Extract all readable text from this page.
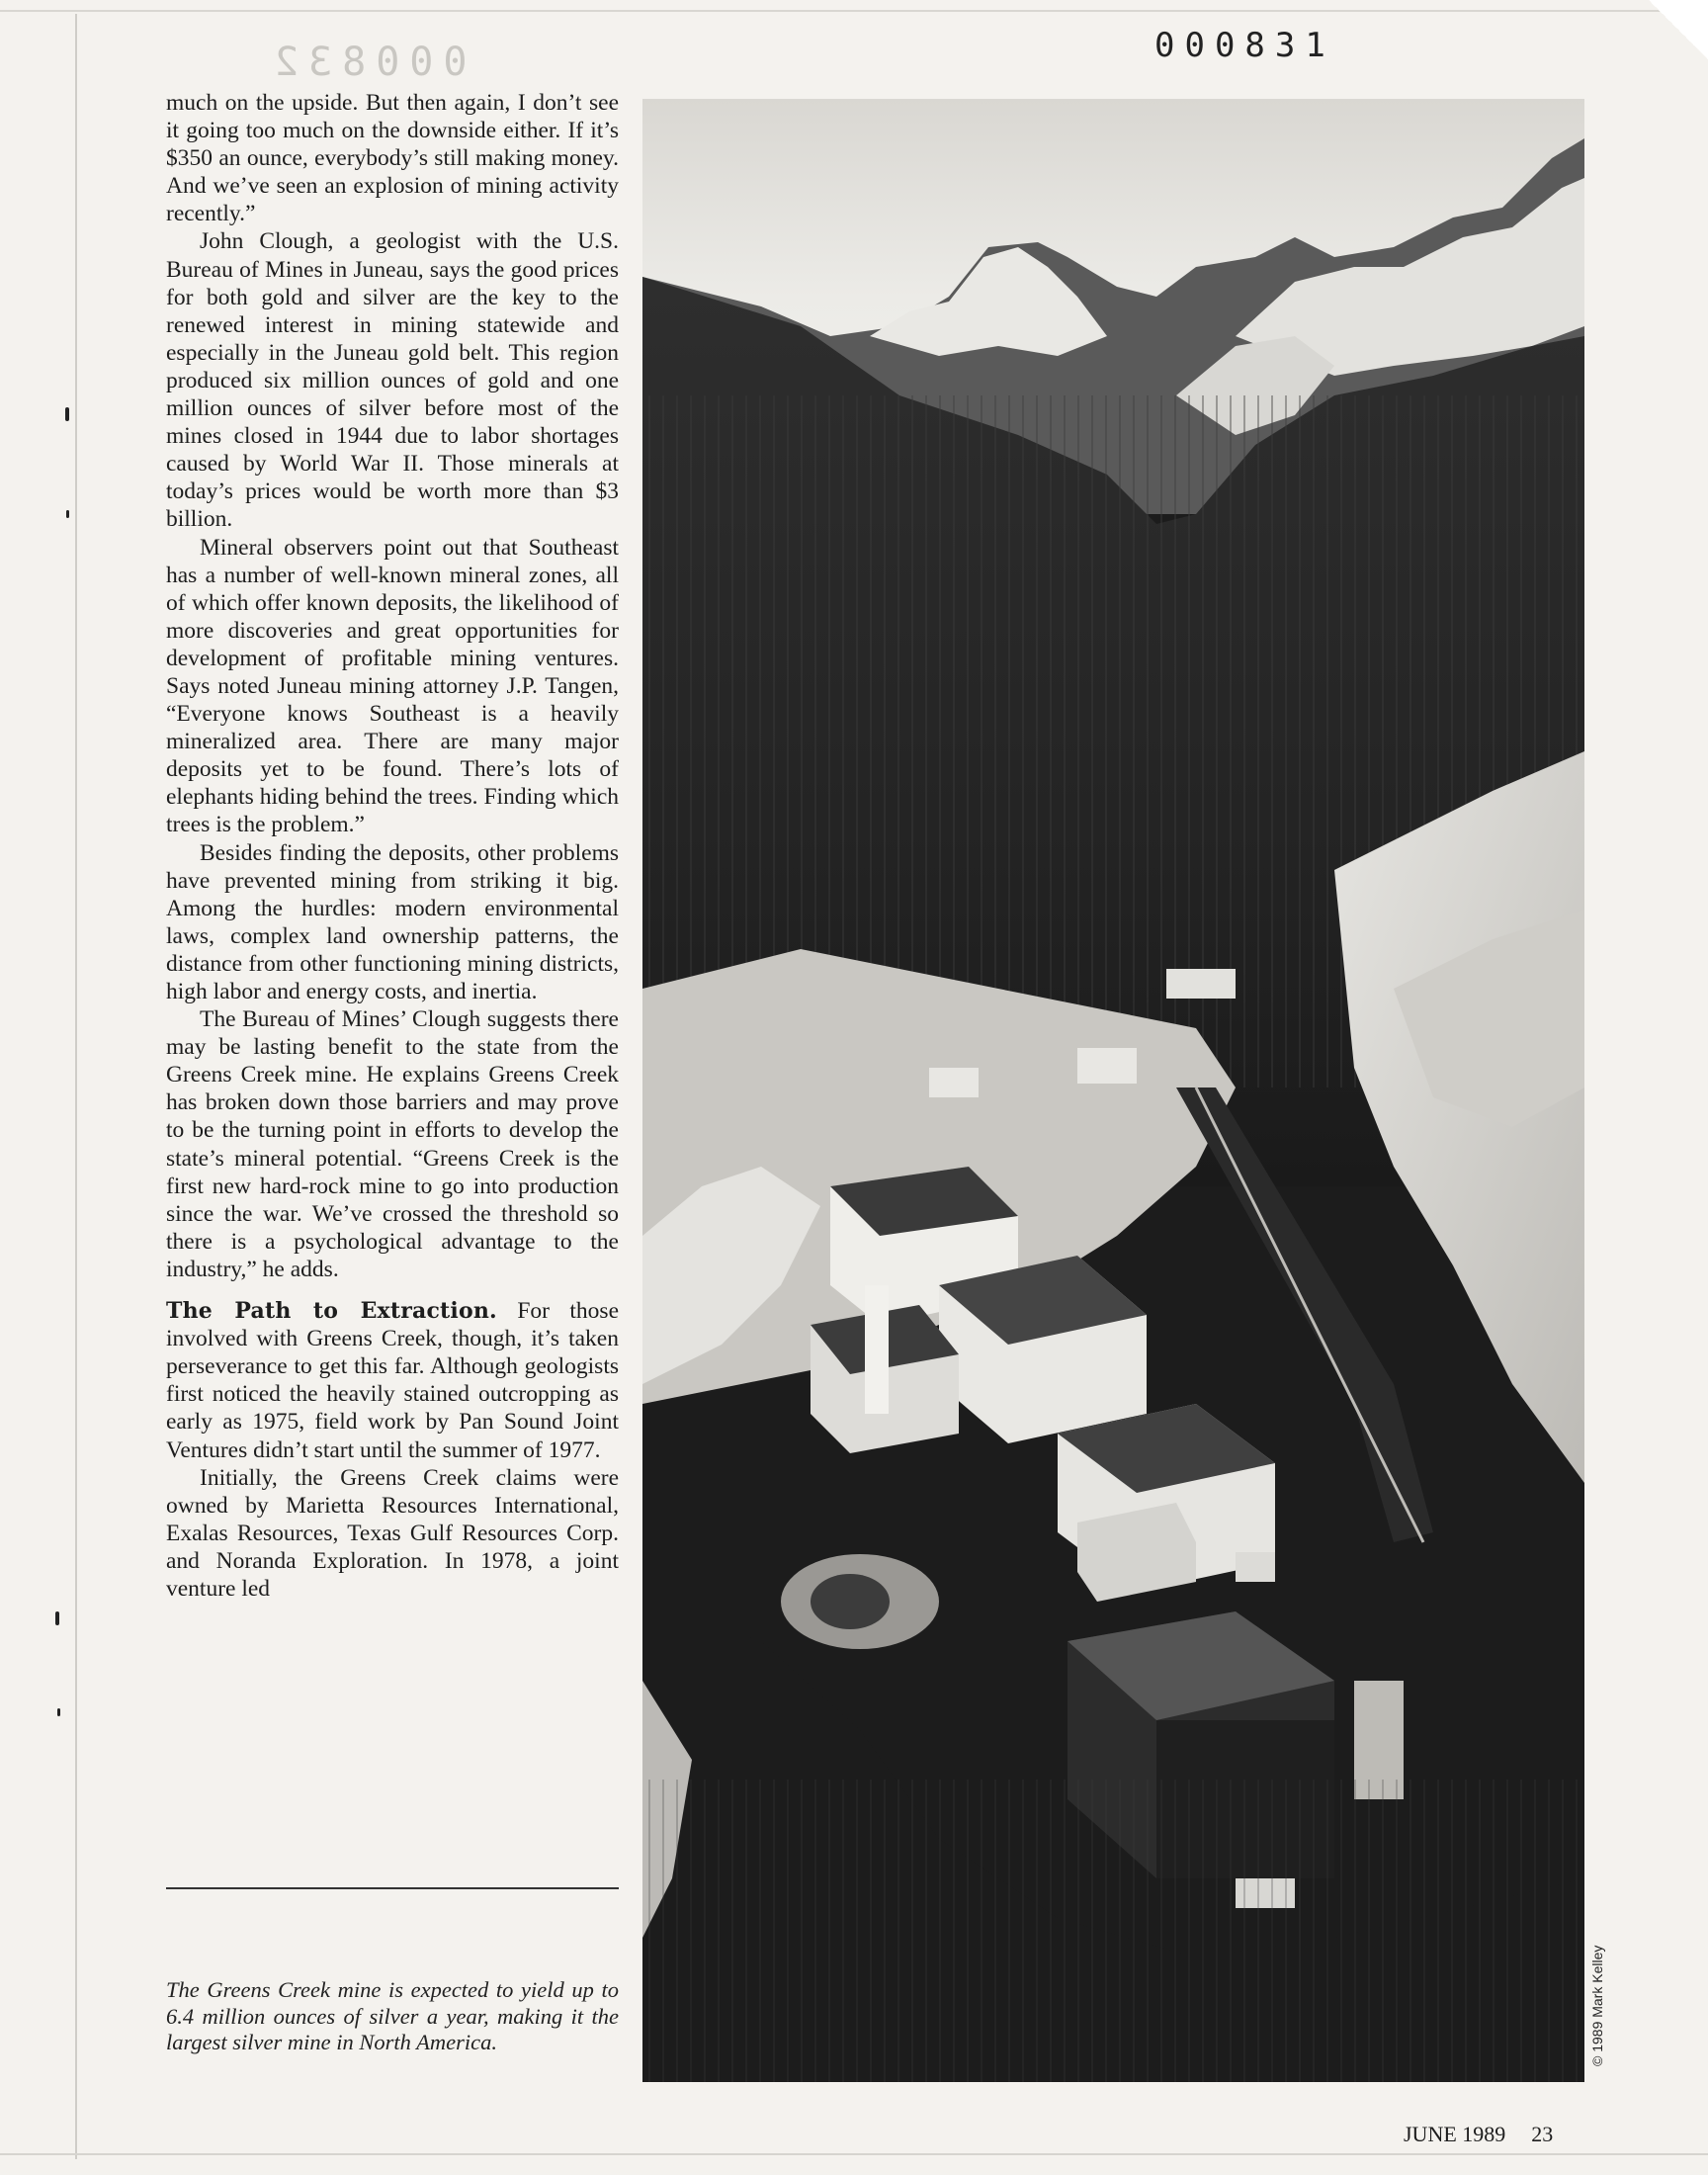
000832	000831

much on the upside. But then again, I don’t see it going too much on the downside either. If it’s $350 an ounce, everybody’s still making money. And we’ve seen an explosion of mining activity recently.”

John Clough, a geologist with the U.S. Bureau of Mines in Juneau, says the good prices for both gold and silver are the key to the renewed interest in mining statewide and especially in the Juneau gold belt. This region produced six million ounces of gold and one million ounces of silver before most of the mines closed in 1944 due to labor shortages caused by World War II. Those minerals at today’s prices would be worth more than $3 billion.

Mineral observers point out that Southeast has a number of well-known mineral zones, all of which offer known deposits, the likelihood of more discoveries and great opportunities for development of profitable mining ventures. Says noted Juneau mining attorney J.P. Tangen, “Everyone knows Southeast is a heavily mineralized area. There are many major deposits yet to be found. There’s lots of elephants hiding behind the trees. Finding which trees is the problem.”

Besides finding the deposits, other problems have prevented mining from striking it big. Among the hurdles: modern environmental laws, complex land ownership patterns, the distance from other functioning mining districts, high labor and energy costs, and inertia.

The Bureau of Mines’ Clough suggests there may be lasting benefit to the state from the Greens Creek mine. He explains Greens Creek has broken down those barriers and may prove to be the turning point in efforts to develop the state’s mineral potential. “Greens Creek is the first new hard-rock mine to go into production since the war. We’ve crossed the threshold so there is a psychological advantage to the industry,” he adds.

The Path to Extraction. For those involved with Greens Creek, though, it’s taken perseverance to get this far. Although geologists first noticed the heavily stained outcropping as early as 1975, field work by Pan Sound Joint Ventures didn’t start until the summer of 1977.

Initially, the Greens Creek claims were owned by Marietta Resources International, Exalas Resources, Texas Gulf Resources Corp. and Noranda Exploration. In 1978, a joint venture led

The Greens Creek mine is expected to yield up to 6.4 million ounces of silver a year, making it the largest silver mine in North America.	© 1989 Mark Kelley
JUNE 1989 23
